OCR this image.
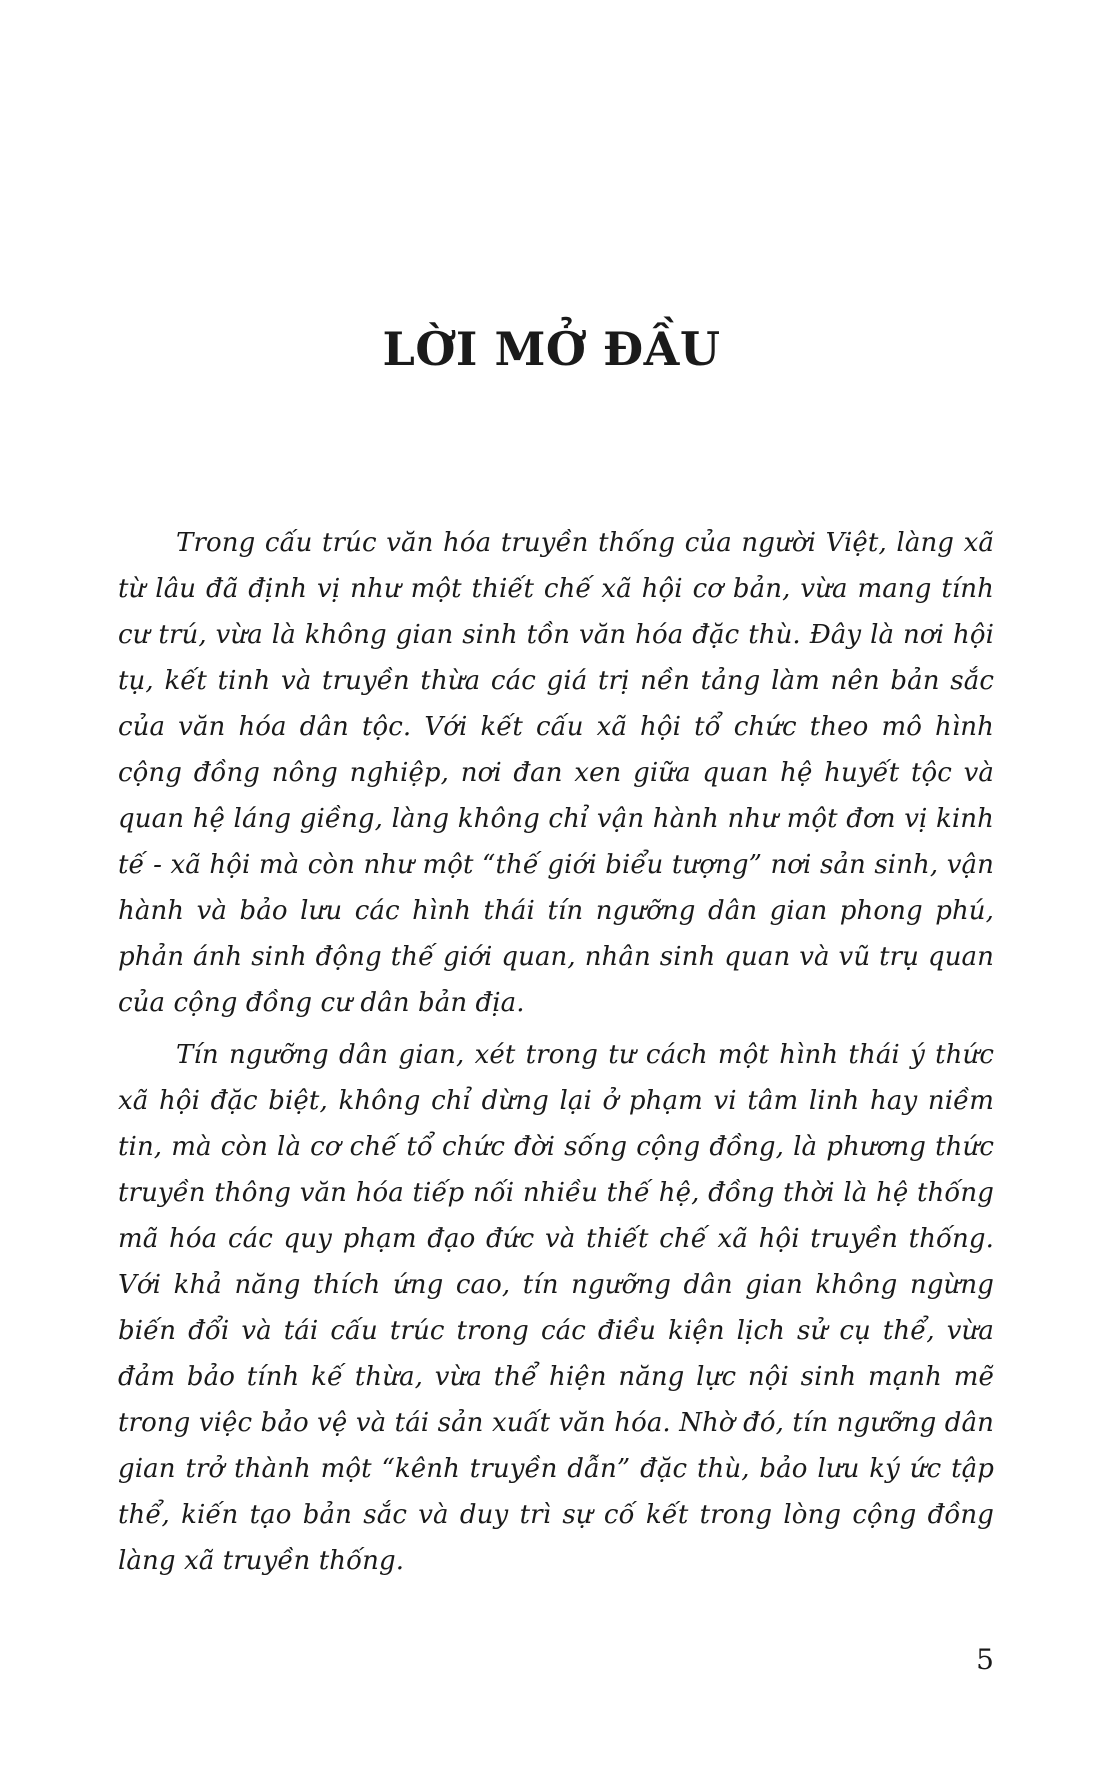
LỜI MỞ ĐẦU

Trong cấu trúc văn hóa truyền thống của người Việt, làng xã từ lâu đã định vị như một thiết chế xã hội cơ bản, vừa mang tính cư trú, vừa là không gian sinh tồn văn hóa đặc thù. Đây là nơi hội tụ, kết tinh và truyền thừa các giá trị nền tảng làm nên bản sắc của văn hóa dân tộc. Với kết cấu xã hội tổ chức theo mô hình cộng đồng nông nghiệp, nơi đan xen giữa quan hệ huyết tộc và quan hệ láng giềng, làng không chỉ vận hành như một đơn vị kinh tế - xã hội mà còn như một “thế giới biểu tượng” nơi sản sinh, vận hành và bảo lưu các hình thái tín ngưỡng dân gian phong phú, phản ánh sinh động thế giới quan, nhân sinh quan và vũ trụ quan của cộng đồng cư dân bản địa.

Tín ngưỡng dân gian, xét trong tư cách một hình thái ý thức xã hội đặc biệt, không chỉ dừng lại ở phạm vi tâm linh hay niềm tin, mà còn là cơ chế tổ chức đời sống cộng đồng, là phương thức truyền thông văn hóa tiếp nối nhiều thế hệ, đồng thời là hệ thống mã hóa các quy phạm đạo đức và thiết chế xã hội truyền thống. Với khả năng thích ứng cao, tín ngưỡng dân gian không ngừng biến đổi và tái cấu trúc trong các điều kiện lịch sử cụ thể, vừa đảm bảo tính kế thừa, vừa thể hiện năng lực nội sinh mạnh mẽ trong việc bảo vệ và tái sản xuất văn hóa. Nhờ đó, tín ngưỡng dân gian trở thành một “kênh truyền dẫn” đặc thù, bảo lưu ký ức tập thể, kiến tạo bản sắc và duy trì sự cố kết trong lòng cộng đồng làng xã truyền thống.

5
